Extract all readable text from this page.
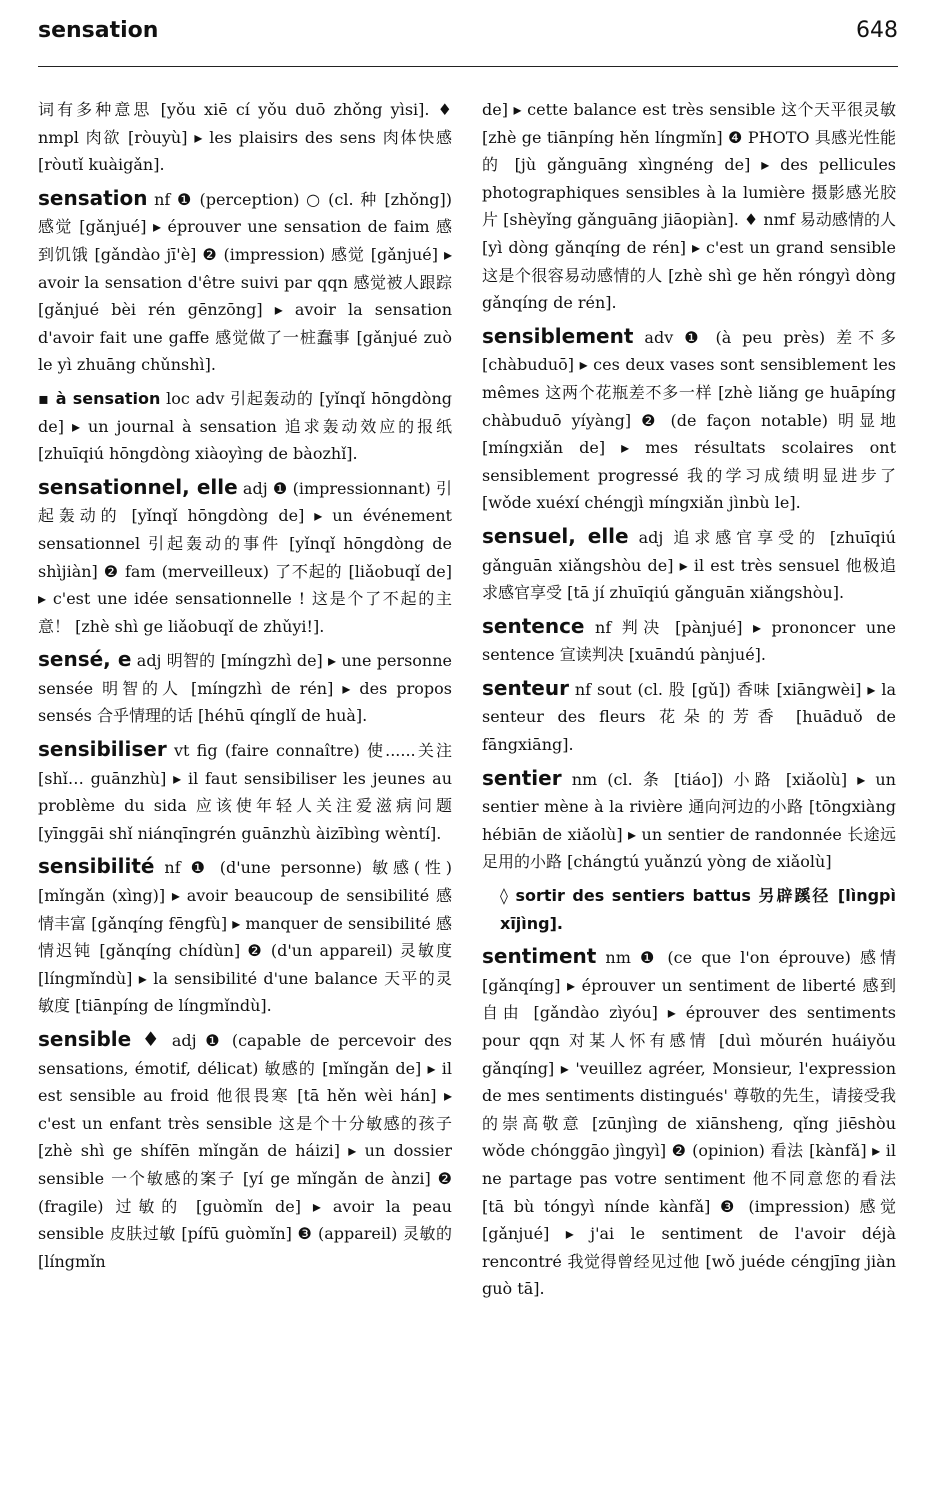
sensation	648

词有多种意思 [yǒu xiē cí yǒu duō zhǒng yìsi]. ♦ nmpl 肉欲 [ròuyù] ▸ les plaisirs des sens 肉体快感 [ròutǐ kuàigǎn].

sensation nf ❶ (perception) ○ (cl. 种 [zhǒng]) 感觉 [gǎnjué] ▸ éprouver une sensation de faim 感到饥饿 [gǎndào jī'è] ❷ (impression) 感觉 [gǎnjué] ▸ avoir la sensation d'être suivi par qqn 感觉被人跟踪 [gǎnjué bèi rén gēnzōng] ▸ avoir la sensation d'avoir fait une gaffe 感觉做了一桩蠢事 [gǎnjué zuò le yì zhuāng chǔnshì].

▪ à sensation loc adv 引起轰动的 [yǐnqǐ hōngdòng de] ▸ un journal à sensation 追求轰动效应的报纸 [zhuīqiú hōngdòng xiàoyìng de bàozhǐ].

sensationnel, elle adj ❶ (impressionnant) 引起轰动的 [yǐnqǐ hōngdòng de] ▸ un événement sensationnel 引起轰动的事件 [yǐnqǐ hōngdòng de shìjiàn] ❷ fam (merveilleux) 了不起的 [liǎobuqǐ de] ▸ c'est une idée sensationnelle ! 这是个了不起的主意！ [zhè shì ge liǎobuqǐ de zhǔyi!].

sensé, e adj 明智的 [míngzhì de] ▸ une personne sensée 明智的人 [míngzhì de rén] ▸ des propos sensés 合乎情理的话 [héhū qínglǐ de huà].

sensibiliser vt fig (faire connaître) 使......关注 [shǐ… guānzhù] ▸ il faut sensibiliser les jeunes au problème du sida 应该使年轻人关注爱滋病问题 [yīnggāi shǐ niánqīngrén guānzhù àizībìng wèntí].

sensibilité nf ❶ (d'une personne) 敏感(性) [mǐngǎn (xìng)] ▸ avoir beaucoup de sensibilité 感情丰富 [gǎnqíng fēngfù] ▸ manquer de sensibilité 感情迟钝 [gǎnqíng chídùn] ❷ (d'un appareil) 灵敏度 [língmǐndù] ▸ la sensibilité d'une balance 天平的灵敏度 [tiānpíng de língmǐndù].

sensible ♦ adj ❶ (capable de percevoir des sensations, émotif, délicat) 敏感的 [mǐngǎn de] ▸ il est sensible au froid 他很畏寒 [tā hěn wèi hán] ▸ c'est un enfant très sensible 这是个十分敏感的孩子 [zhè shì ge shífēn mǐngǎn de háizi] ▸ un dossier sensible 一个敏感的案子 [yí ge mǐngǎn de ànzi] ❷ (fragile) 过敏的 [guòmǐn de] ▸ avoir la peau sensible 皮肤过敏 [pífū guòmǐn] ❸ (appareil) 灵敏的 [língmǐn

de] ▸ cette balance est très sensible 这个天平很灵敏 [zhè ge tiānpíng hěn língmǐn] ❹ PHOTO 具感光性能的 [jù gǎnguāng xìngnéng de] ▸ des pellicules photographiques sensibles à la lumière 摄影感光胶片 [shèyǐng gǎnguāng jiāopiàn]. ♦ nmf 易动感情的人 [yì dòng gǎnqíng de rén] ▸ c'est un grand sensible 这是个很容易动感情的人 [zhè shì ge hěn róngyì dòng gǎnqíng de rén].

sensiblement adv ❶ (à peu près) 差不多 [chàbuduō] ▸ ces deux vases sont sensiblement les mêmes 这两个花瓶差不多一样 [zhè liǎng ge huāpíng chàbuduō yíyàng] ❷ (de façon notable) 明显地 [míngxiǎn de] ▸ mes résultats scolaires ont sensiblement progressé 我的学习成绩明显进步了 [wǒde xuéxí chéngjì míngxiǎn jìnbù le].

sensuel, elle adj 追求感官享受的 [zhuīqiú gǎnguān xiǎngshòu de] ▸ il est très sensuel 他极追求感官享受 [tā jí zhuīqiú gǎnguān xiǎngshòu].

sentence nf 判决 [pànjué] ▸ prononcer une sentence 宣读判决 [xuāndú pànjué].

senteur nf sout (cl. 股 [gǔ]) 香味 [xiāngwèi] ▸ la senteur des fleurs 花朵的芳香 [huāduǒ de fāngxiāng].

sentier nm (cl. 条 [tiáo]) 小路 [xiǎolù] ▸ un sentier mène à la rivière 通向河边的小路 [tōngxiàng hébiān de xiǎolù] ▸ un sentier de randonnée 长途远足用的小路 [chángtú yuǎnzú yòng de xiǎolù]

◊ sortir des sentiers battus 另辟蹊径 [lìngpì xījìng].

sentiment nm ❶ (ce que l'on éprouve) 感情 [gǎnqíng] ▸ éprouver un sentiment de liberté 感到自由 [gǎndào zìyóu] ▸ éprouver des sentiments pour qqn 对某人怀有感情 [duì mǒurén huáiyǒu gǎnqíng] ▸ 'veuillez agréer, Monsieur, l'expression de mes sentiments distingués' 尊敬的先生，请接受我的崇高敬意 [zūnjìng de xiānsheng, qǐng jiēshòu wǒde chónggāo jìngyì] ❷ (opinion) 看法 [kànfǎ] ▸ il ne partage pas votre sentiment 他不同意您的看法 [tā bù tóngyì nínde kànfǎ] ❸ (impression) 感觉 [gǎnjué] ▸ j'ai le sentiment de l'avoir déjà rencontré 我觉得曾经见过他 [wǒ juéde céngjīng jiàn guò tā].
